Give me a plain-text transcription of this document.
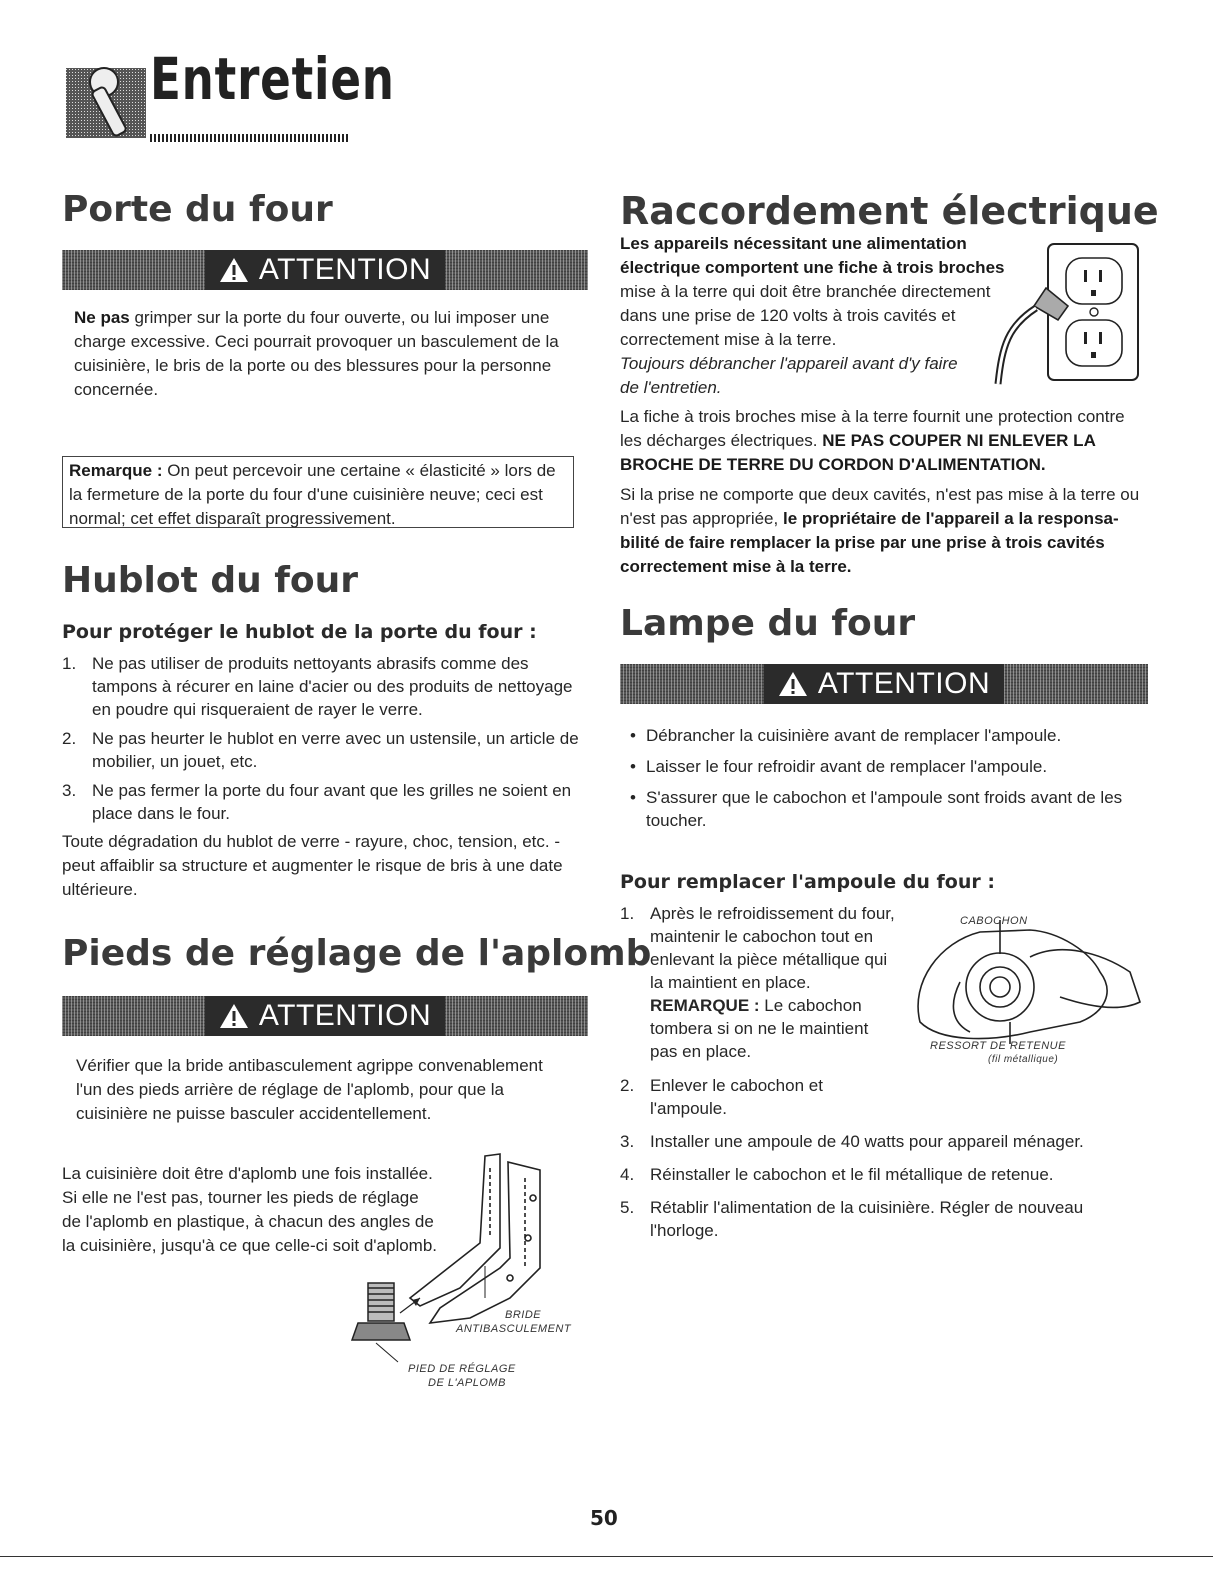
Entretien
Porte du four
ATTENTION

Ne pas grimper sur la porte du four ouverte, ou lui imposer une charge excessive. Ceci pourrait provoquer un basculement de la cuisinière, le bris de la porte ou des blessures pour la personne concernée.

Remarque : On peut percevoir une certaine « élasticité » lors de la fermeture de la porte du four d'une cuisinière neuve; ceci est normal; cet effet disparaît progressivement.

Hublot du four
Pour protéger le hublot de la porte du four :
1. Ne pas utiliser de produits nettoyants abrasifs comme des tampons à récurer en laine d'acier ou des produits de nettoyage en poudre qui risqueraient de rayer le verre.
2. Ne pas heurter le hublot en verre avec un ustensile, un article de mobilier, un jouet, etc.
3. Ne pas fermer la porte du four avant que les grilles ne soient en place dans le four.

Toute dégradation du hublot de verre - rayure, choc, tension, etc. - peut affaiblir sa structure et augmenter le risque de bris à une date ultérieure.

Pieds de réglage de l'aplomb
ATTENTION

Vérifier que la bride antibasculement agrippe convenablement l'un des pieds arrière de réglage de l'aplomb, pour que la cuisinière ne puisse basculer accidentellement.

La cuisinière doit être d'aplomb une fois installée. Si elle ne l'est pas, tourner les pieds de réglage de l'aplomb en plastique, à chacun des angles de la cuisinière, jusqu'à ce que celle-ci soit d'aplomb.

BRIDE
ANTIBASCULEMENT
PIED DE RÉGLAGE
DE L'APLOMB
Raccordement électrique

Les appareils nécessitant une alimentation électrique comportent une fiche à trois broches mise à la terre qui doit être branchée directement dans une prise de 120 volts à trois cavités et correctement mise à la terre.

Toujours débrancher l'appareil avant d'y faire de l'entretien.

La fiche à trois broches mise à la terre fournit une protection contre les décharges électriques. NE PAS COUPER NI ENLEVER LA BROCHE DE TERRE DU CORDON D'ALIMENTATION.

Si la prise ne comporte que deux cavités, n'est pas mise à la terre ou n'est pas appropriée, le propriétaire de l'appareil a la responsa-bilité de faire remplacer la prise par une prise à trois cavités correctement mise à la terre.

Lampe du four
ATTENTION
• Débrancher la cuisinière avant de remplacer l'ampoule.
• Laisser le four refroidir avant de remplacer l'ampoule.
• S'assurer que le cabochon et l'ampoule sont froids avant de les toucher.
Pour remplacer l'ampoule du four :
1. Après le refroidissement du four, maintenir le cabochon tout en enlevant la pièce métallique qui la maintient en place. REMARQUE : Le cabochon tombera si on ne le maintient pas en place.
CABOCHON
RESSORT DE RETENUE
(fil métallique)
2. Enlever le cabochon et l'ampoule.
3. Installer une ampoule de 40 watts pour appareil ménager.
4. Réinstaller le cabochon et le fil métallique de retenue.
5. Rétablir l'alimentation de la cuisinière. Régler de nouveau l'horloge.

50
